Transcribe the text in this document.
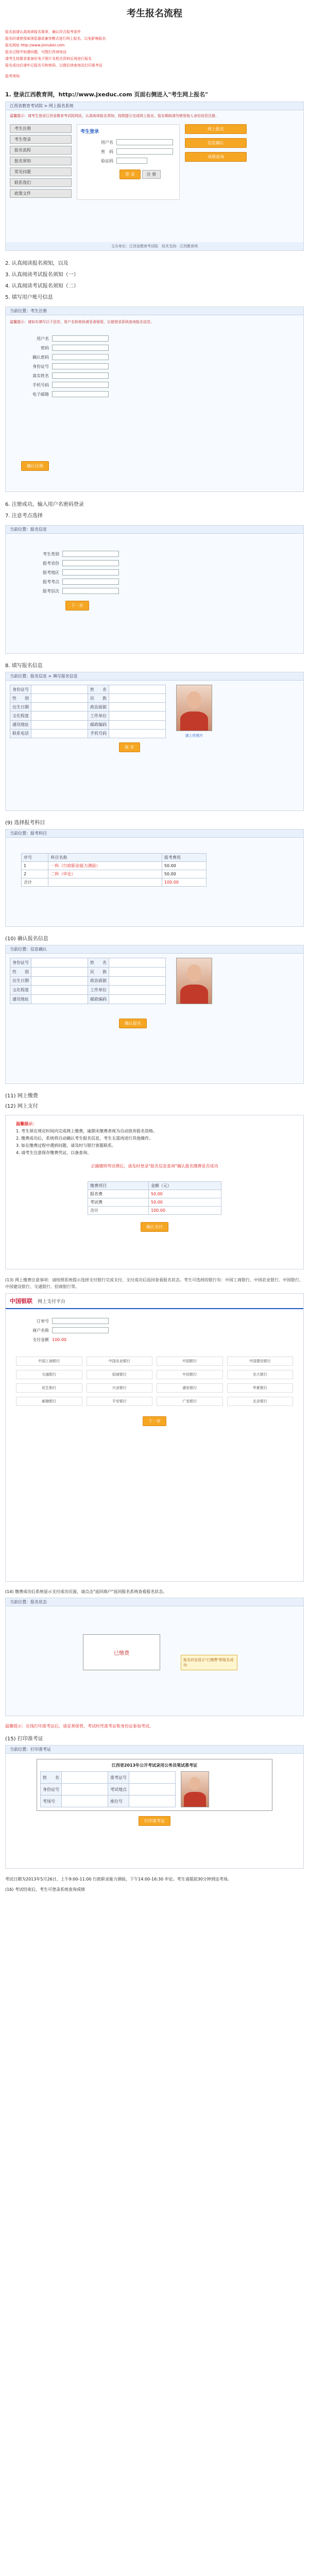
考生报名流程
报名前请认真阅读报名简章，确认符合报考条件
报名时请使用IE浏览器或兼容模式进行网上报名，以免影响报名
报名网址 http://www.jinnubei.com
报名过程中如遇问题，可拨打咨询电话
请考生按要求准备好电子照片及相关资料后再进行报名
报名成功后请牢记报名号和密码，以便后续查询及打印准考证
报考须知
1. 登录江西教育网，http://www.jxeduc.com 页面右侧进入"考生网上报名"
江西省教育考试院 > 网上报名系统
温馨提示：请考生登录江西省教育考试院网站，认真阅读报名须知，按照提示完成网上报名。报名期间请勿使用他人身份信息注册。
考生注册
考生登录
报名流程
报名须知
常见问题
联系我们
政策文件
考生登录
用户名
密　码
验证码
登 录	注 册
网上报名
信息确认
成绩查询
主办单位：江西省教育考试院　技术支持：江西教育网
2. 认真阅读报名须知，以及
3. 认真阅读考试报名须知（一）
4. 认真阅读考试报名须知（二）
5. 填写用户账号信息
当前位置：考生注册
温馨提示：请如实填写以下信息，用户名和密码请妥善保管，以便登录系统查询报名信息。
用户名
密码
确认密码
身份证号
真实姓名
手机号码
电子邮箱
确认注册
6. 注册成功，输入用户名密码登录
7. 注意考点选择
当前位置：报名信息
考生类别
报考省份
报考地区
报考考点
报考层次
下一步
8. 填写报名信息
当前位置：报名信息 > 填写报名信息
身份证号		姓　　名	
性　　别		民　　族	
出生日期		政治面貌	
文化程度		工作单位	
通讯地址		邮政编码	
联系电话		手机号码		请上传照片
保 存
(9) 选择报考科目
当前位置：报考科目
序号	科目名称	报考费用
1	一科（行政职业能力测验）	50.00
2	二科（申论）	50.00
合计		100.00
(10) 确认报名信息
当前位置：信息确认
身份证号		姓　　名	
性　　别		民　　族	
出生日期		政治面貌	
文化程度		工作单位	
通讯地址		邮政编码	
确认报名
(11) 网上缴费
(12) 网上支付
温馨提示：
1. 考生须在规定时间内完成网上缴费，逾期未缴费者视为自动放弃报名资格。
2. 缴费成功后，系统将自动确认考生报名信息，考生无需再进行其他操作。
3. 如在缴费过程中遇到问题，请及时与银行客服联系。
4. 请考生注意保存缴费凭证，以备查询。
正确缴纳考试费后，请及时登录"报名信息查询"确认报名缴费是否成功
缴费项目	金额（元）
报名费	50.00
考试费	50.00
合计	100.00
确认支付
(13) 网上缴费注意事项：请按照系统提示选择支付银行完成支付，支付成功后返回查看报名状态。考生可选择的银行有：中国工商银行、中国农业银行、中国银行、中国建设银行、交通银行、招商银行等。
中国银联 网上支付平台
订单号
商户名称
支付金额 100.00
中国工商银行	中国农业银行	中国银行	中国建设银行
交通银行	招商银行	中信银行	光大银行
民生银行	兴业银行	浦发银行	华夏银行
邮储银行	平安银行	广发银行	北京银行
下一步
(14) 缴费成功后系统显示支付成功页面，请点击"返回商户"返回报名系统查看报名状态。
当前位置：报名状态
已缴费
报名状态显示"已缴费"即报名成功
温馨提示：在线打印准考证后，请妥善保管，考试时凭准考证和身份证参加考试。
(15) 打印准考证
当前位置：打印准考证
江西省2013年公开考试录用公务员笔试准考证
姓　　名		准考证号	
身份证号		考试地点	
考场号		座位号	
打印准考证
考试日期为2013年5月26日，上午9:00-11:00 行政职业能力测验，下午14:00-16:30 申论。考生请提前30分钟到达考场。
(16) 考试结束后，考生可登录系统查询成绩
